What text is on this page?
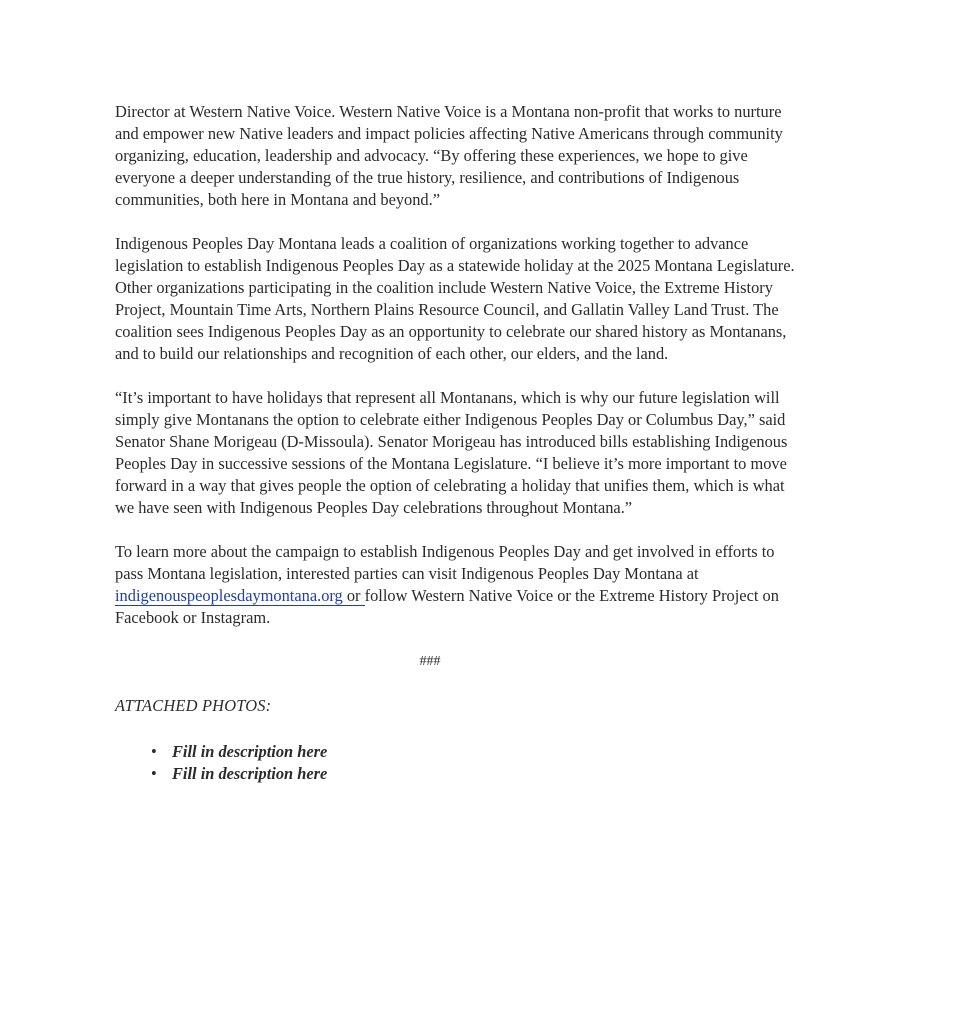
Director at Western Native Voice. Western Native Voice is a Montana non-profit that works to nurture and empower new Native leaders and impact policies affecting Native Americans through community organizing, education, leadership and advocacy. “By offering these experiences, we hope to give everyone a deeper understanding of the true history, resilience, and contributions of Indigenous communities, both here in Montana and beyond.”

Indigenous Peoples Day Montana leads a coalition of organizations working together to advance legislation to establish Indigenous Peoples Day as a statewide holiday at the 2025 Montana Legislature. Other organizations participating in the coalition include Western Native Voice, the Extreme History Project, Mountain Time Arts, Northern Plains Resource Council, and Gallatin Valley Land Trust. The coalition sees Indigenous Peoples Day as an opportunity to celebrate our shared history as Montanans, and to build our relationships and recognition of each other, our elders, and the land.

“It’s important to have holidays that represent all Montanans, which is why our future legislation will simply give Montanans the option to celebrate either Indigenous Peoples Day or Columbus Day,” said Senator Shane Morigeau (D-Missoula). Senator Morigeau has introduced bills establishing Indigenous Peoples Day in successive sessions of the Montana Legislature. “I believe it’s more important to move forward in a way that gives people the option of celebrating a holiday that unifies them, which is what we have seen with Indigenous Peoples Day celebrations throughout Montana.”

To learn more about the campaign to establish Indigenous Peoples Day and get involved in efforts to pass Montana legislation, interested parties can visit Indigenous Peoples Day Montana at indigenouspeoplesdaymontana.org or follow Western Native Voice or the Extreme History Project on Facebook or Instagram.

###
ATTACHED PHOTOS:
• Fill in description here
• Fill in description here
